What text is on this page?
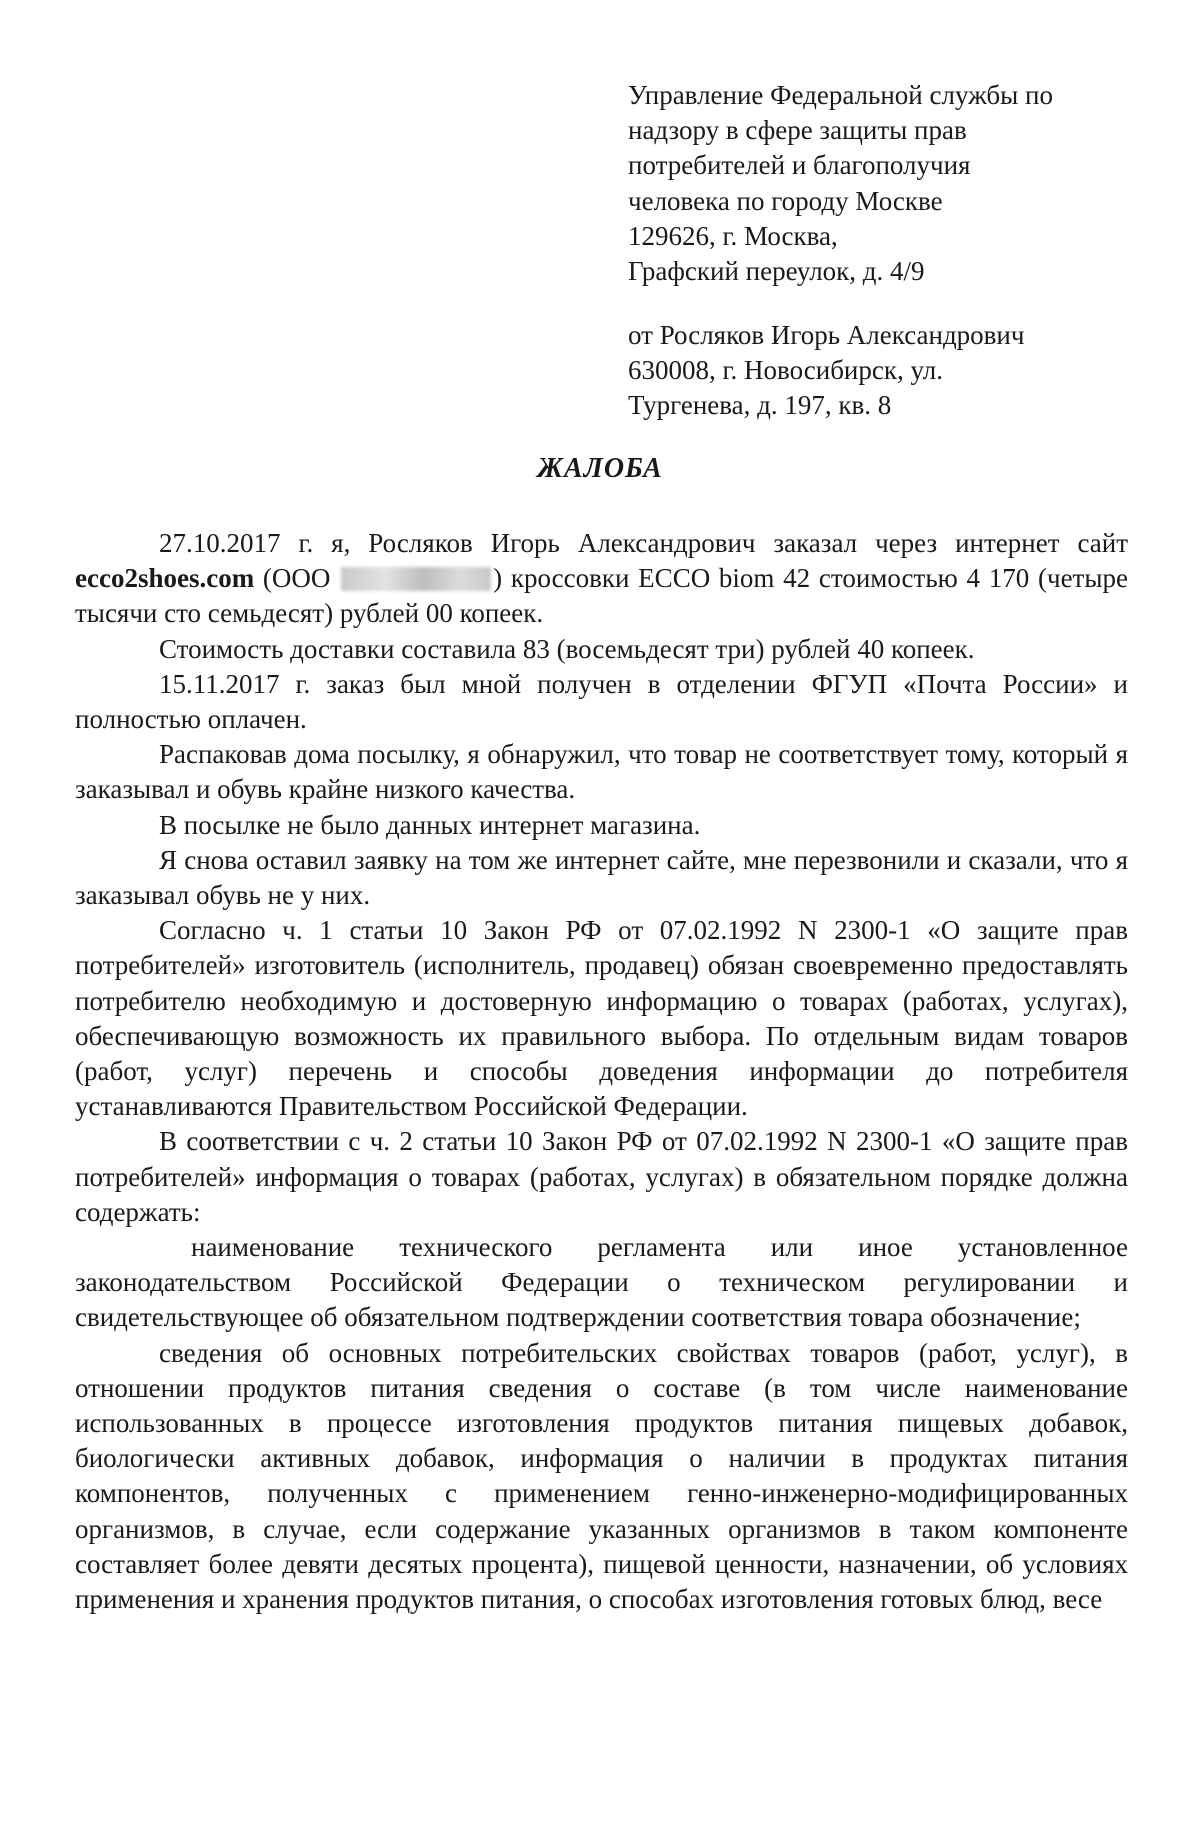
Управление Федеральной службы по
надзору в сфере защиты прав
потребителей и благополучия
человека по городу Москве
129626, г. Москва,
Графский переулок, д. 4/9
от Росляков Игорь Александрович
630008, г. Новосибирск, ул.
Тургенева, д. 197, кв. 8
ЖАЛОБА

27.10.2017 г. я, Росляков Игорь Александрович заказал через интернет сайт ecco2shoes.com (ООО	) кроссовки ECCO biom 42 стоимостью 4 170 (четыре тысячи сто семьдесят) рублей 00 копеек.

Стоимость доставки составила 83 (восемьдесят три) рублей 40 копеек.

15.11.2017 г. заказ был мной получен в отделении ФГУП «Почта России» и полностью оплачен.

Распаковав дома посылку, я обнаружил, что товар не соответствует тому, который я заказывал и обувь крайне низкого качества.

В посылке не было данных интернет магазина.

Я снова оставил заявку на том же интернет сайте, мне перезвонили и сказали, что я заказывал обувь не у них.

Согласно ч. 1 статьи 10 Закон РФ от 07.02.1992 N 2300-1 «О защите прав потребителей» изготовитель (исполнитель, продавец) обязан своевременно предоставлять потребителю необходимую и достоверную информацию о товарах (работах, услугах), обеспечивающую возможность их правильного выбора. По отдельным видам товаров (работ, услуг) перечень и способы доведения информации до потребителя устанавливаются Правительством Российской Федерации.

В соответствии с ч. 2 статьи 10 Закон РФ от 07.02.1992 N 2300-1 «О защите прав потребителей» информация о товарах (работах, услугах) в обязательном порядке должна содержать:

наименование технического регламента или иное установленное законодательством Российской Федерации о техническом регулировании и свидетельствующее об обязательном подтверждении соответствия товара обозначение;

сведения об основных потребительских свойствах товаров (работ, услуг), в отношении продуктов питания сведения о составе (в том числе наименование использованных в процессе изготовления продуктов питания пищевых добавок, биологически активных добавок, информация о наличии в продуктах питания компонентов, полученных с применением генно-инженерно-модифицированных организмов, в случае, если содержание указанных организмов в таком компоненте составляет более девяти десятых процента), пищевой ценности, назначении, об условиях применения и хранения продуктов питания, о способах изготовления готовых блюд, весе
